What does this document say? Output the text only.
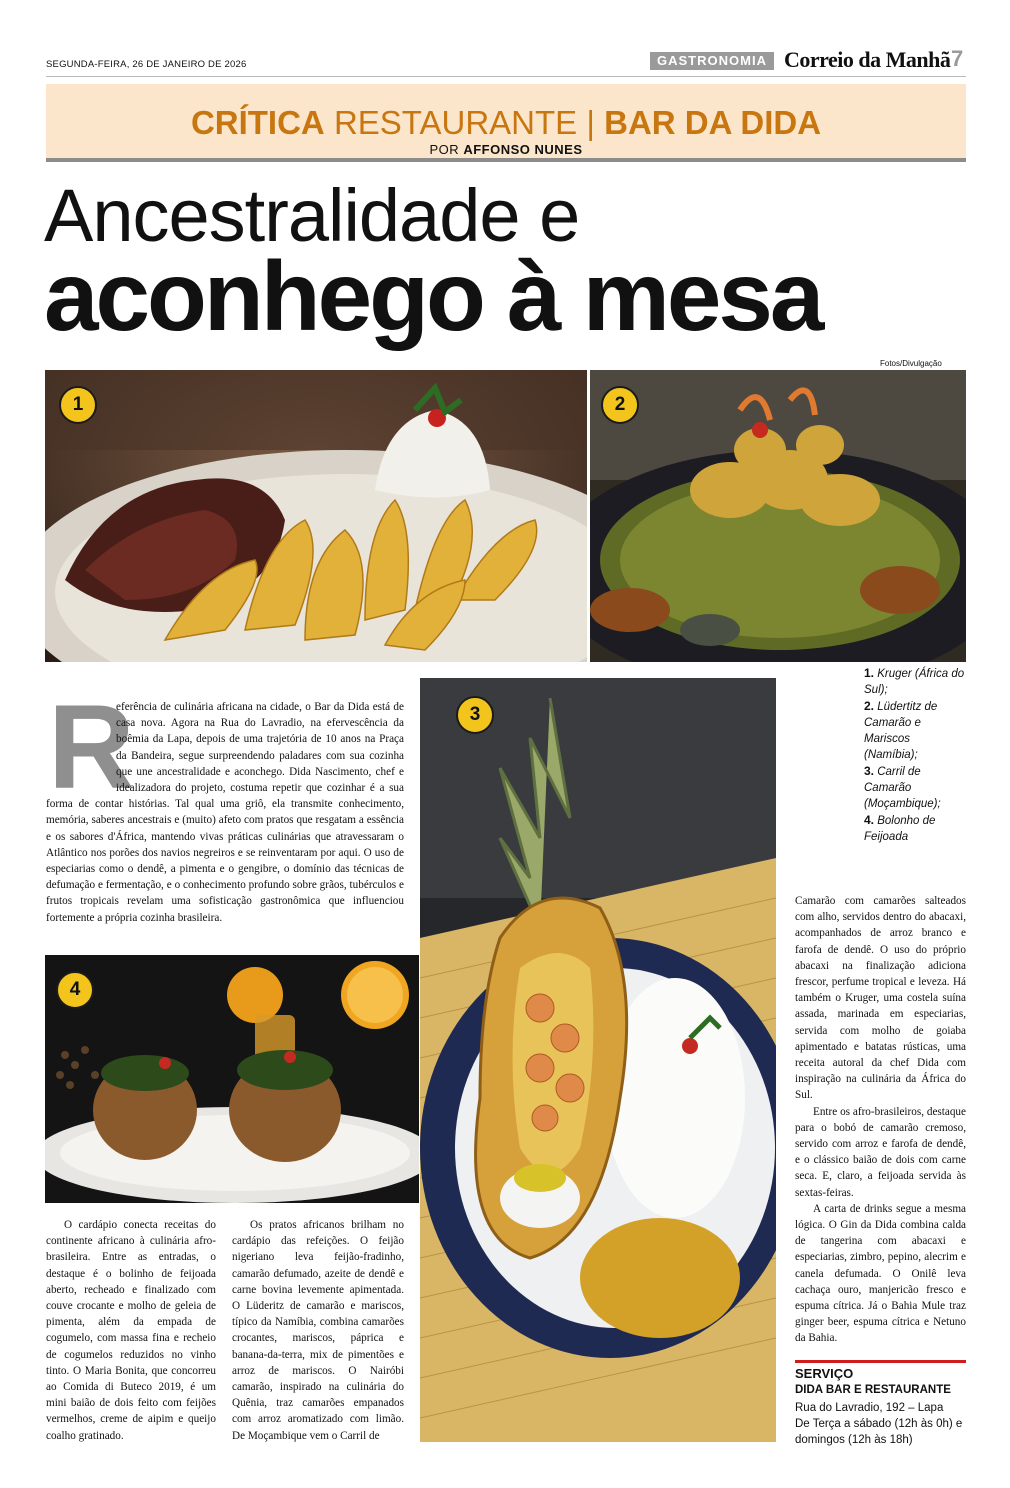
SEGUNDA-FEIRA, 26 DE JANEIRO DE 2026	GASTRONOMIA Correio da Manhã 7
CRÍTICA RESTAURANTE | BAR DA DIDA
POR AFFONSO NUNES
Ancestralidade e
aconhego à mesa
Fotos/Divulgação
1	2
3
4
1. Kruger (África do Sul);
2. Lüdertitz de Camarão e Mariscos (Namíbia);
3. Carril de Camarão (Moçambique);
4. Bolonho de Feijoada
R
eferência de culinária africana na cidade, o Bar da Dida está de casa nova. Agora na Rua do Lavradio, na efervescência da boêmia da Lapa, depois de uma trajetória de 10 anos na Praça da Bandeira, segue surpreendendo paladares com sua cozinha que une ancestralidade e aconchego. Dida Nascimento, chef e idealizadora do projeto, costuma repetir que cozinhar é a sua forma de contar histórias. Tal qual uma griô, ela transmite conhecimento, memória, saberes ancestrais e (muito) afeto com pratos que resgatam a essência e os sabores d'África, mantendo vivas práticas culinárias que atravessaram o Atlântico nos porões dos navios negreiros e se reinventaram por aqui. O uso de especiarias como o dendê, a pimenta e o gengibre, o domínio das técnicas de defumação e fermentação, e o conhecimento profundo sobre grãos, tubérculos e frutos tropicais revelam uma sofisticação gastronômica que influenciou fortemente a própria cozinha brasileira.

O cardápio conecta receitas do continente africano à culinária afro-brasileira. Entre as entradas, o destaque é o bolinho de feijoada aberto, recheado e finalizado com couve crocante e molho de geleia de pimenta, além da empada de cogumelo, com massa fina e recheio de cogumelos reduzidos no vinho tinto. O Maria Bonita, que concorreu ao Comida di Buteco 2019, é um mini baião de dois feito com feijões vermelhos, creme de aipim e queijo coalho gratinado.

Os pratos africanos brilham no cardápio das refeições. O feijão nigeriano leva feijão-fradinho, camarão defumado, azeite de dendê e carne bovina levemente apimentada. O Lüderitz de camarão e mariscos, típico da Namíbia, combina camarões crocantes, mariscos, páprica e banana-da-terra, mix de pimentões e arroz de mariscos. O Nairóbi camarão, inspirado na culinária do Quênia, traz camarões empanados com arroz aromatizado com limão. De Moçambique vem o Carril de

Camarão com camarões salteados com alho, servidos dentro do abacaxi, acompanhados de arroz branco e farofa de dendê. O uso do próprio abacaxi na finalização adiciona frescor, perfume tropical e leveza. Há também o Kruger, uma costela suína assada, marinada em especiarias, servida com molho de goiaba apimentado e batatas rústicas, uma receita autoral da chef Dida com inspiração na culinária da África do Sul.

Entre os afro-brasileiros, destaque para o bobó de camarão cremoso, servido com arroz e farofa de dendê, e o clássico baião de dois com carne seca. E, claro, a feijoada servida às sextas-feiras.

A carta de drinks segue a mesma lógica. O Gin da Dida combina calda de tangerina com abacaxi e especiarias, zimbro, pepino, alecrim e canela defumada. O Onilê leva cachaça ouro, manjericão fresco e espuma cítrica. Já o Bahia Mule traz ginger beer, espuma cítrica e Netuno da Bahia.

SERVIÇO
DIDA BAR E RESTAURANTE
Rua do Lavradio, 192 – Lapa
De Terça a sábado (12h às 0h) e domingos (12h às 18h)
